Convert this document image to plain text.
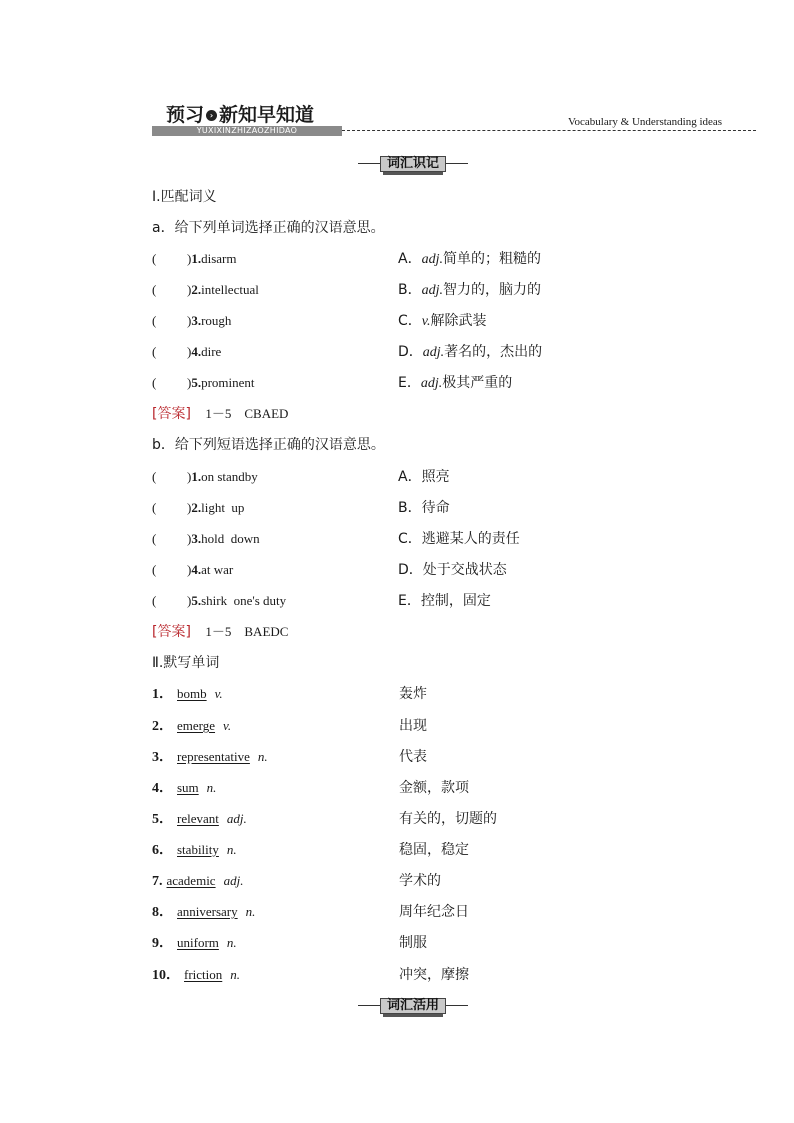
预习 › 新知早知道
YUXIXINZHIZAOZHIDAO
Vocabulary & Understanding ideas
词汇识记
Ⅰ.匹配词义
a．给下列单词选择正确的汉语意思。
( )1.disarm	A．adj.简单的；粗糙的
( )2.intellectual	B．adj.智力的，脑力的
( )3.rough	C．v.解除武装
( )4.dire	D．adj.著名的，杰出的
( )5.prominent	E．adj.极其严重的
[答案] 1－5　CBAED
b．给下列短语选择正确的汉语意思。
( )1.on standby	A．照亮
( )2.light  up	B．待命
( )3.hold  down	C．逃避某人的责任
( )4.at war	D．处于交战状态
( )5.shirk  one's duty	E．控制，固定
[答案] 1－5　BAEDC
Ⅱ.默写单词
1． bomb v.	轰炸
2． emerge v.	出现
3． representative n.	代表
4． sum n.	金额，款项
5． relevant adj.	有关的，切题的
6． stability n.	稳固，稳定
7. academic adj.	学术的
8． anniversary n.	周年纪念日
9． uniform n.	制服
10． friction n.	冲突，摩擦
词汇活用
